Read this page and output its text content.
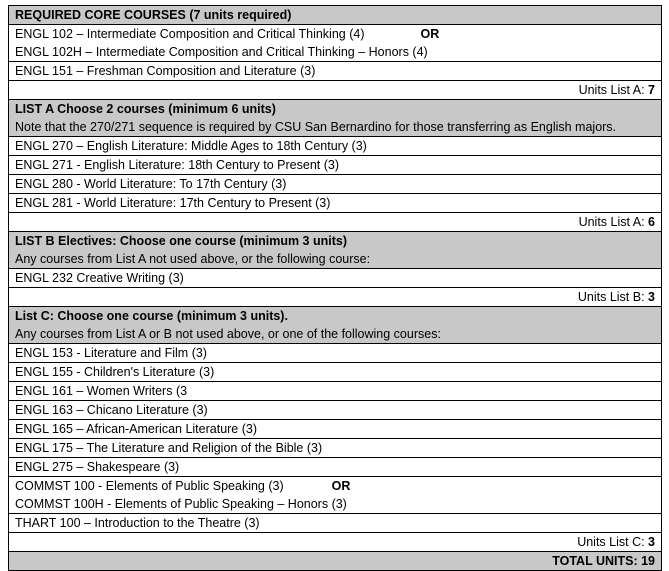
REQUIRED CORE COURSES (7 units required)
ENGL 102 – Intermediate Composition and Critical Thinking (4)	OR
ENGL 102H – Intermediate Composition and Critical Thinking – Honors (4)
ENGL 151 – Freshman Composition and Literature (3)
Units List A: 7
LIST A Choose 2 courses (minimum 6 units)
Note that the 270/271 sequence is required by CSU San Bernardino for those transferring as English majors.
ENGL 270 – English Literature: Middle Ages to 18th Century (3)
ENGL 271 - English Literature: 18th Century to Present (3)
ENGL 280 - World Literature: To 17th Century (3)
ENGL 281 - World Literature: 17th Century to Present (3)
Units List A: 6
LIST B Electives: Choose one course (minimum 3 units)
Any courses from List A not used above, or the following course:
ENGL 232 Creative Writing (3)
Units List B: 3
List C: Choose one course (minimum 3 units).
Any courses from List A or B not used above, or one of the following courses:
ENGL 153 - Literature and Film (3)
ENGL 155 - Children's Literature (3)
ENGL 161 – Women Writers (3
ENGL 163 – Chicano Literature (3)
ENGL 165 – African-American Literature (3)
ENGL 175 – The Literature and Religion of the Bible (3)
ENGL 275 – Shakespeare (3)
COMMST 100 - Elements of Public Speaking (3)	OR
COMMST 100H - Elements of Public Speaking – Honors (3)
THART 100 – Introduction to the Theatre (3)
Units List C: 3
TOTAL UNITS: 19
